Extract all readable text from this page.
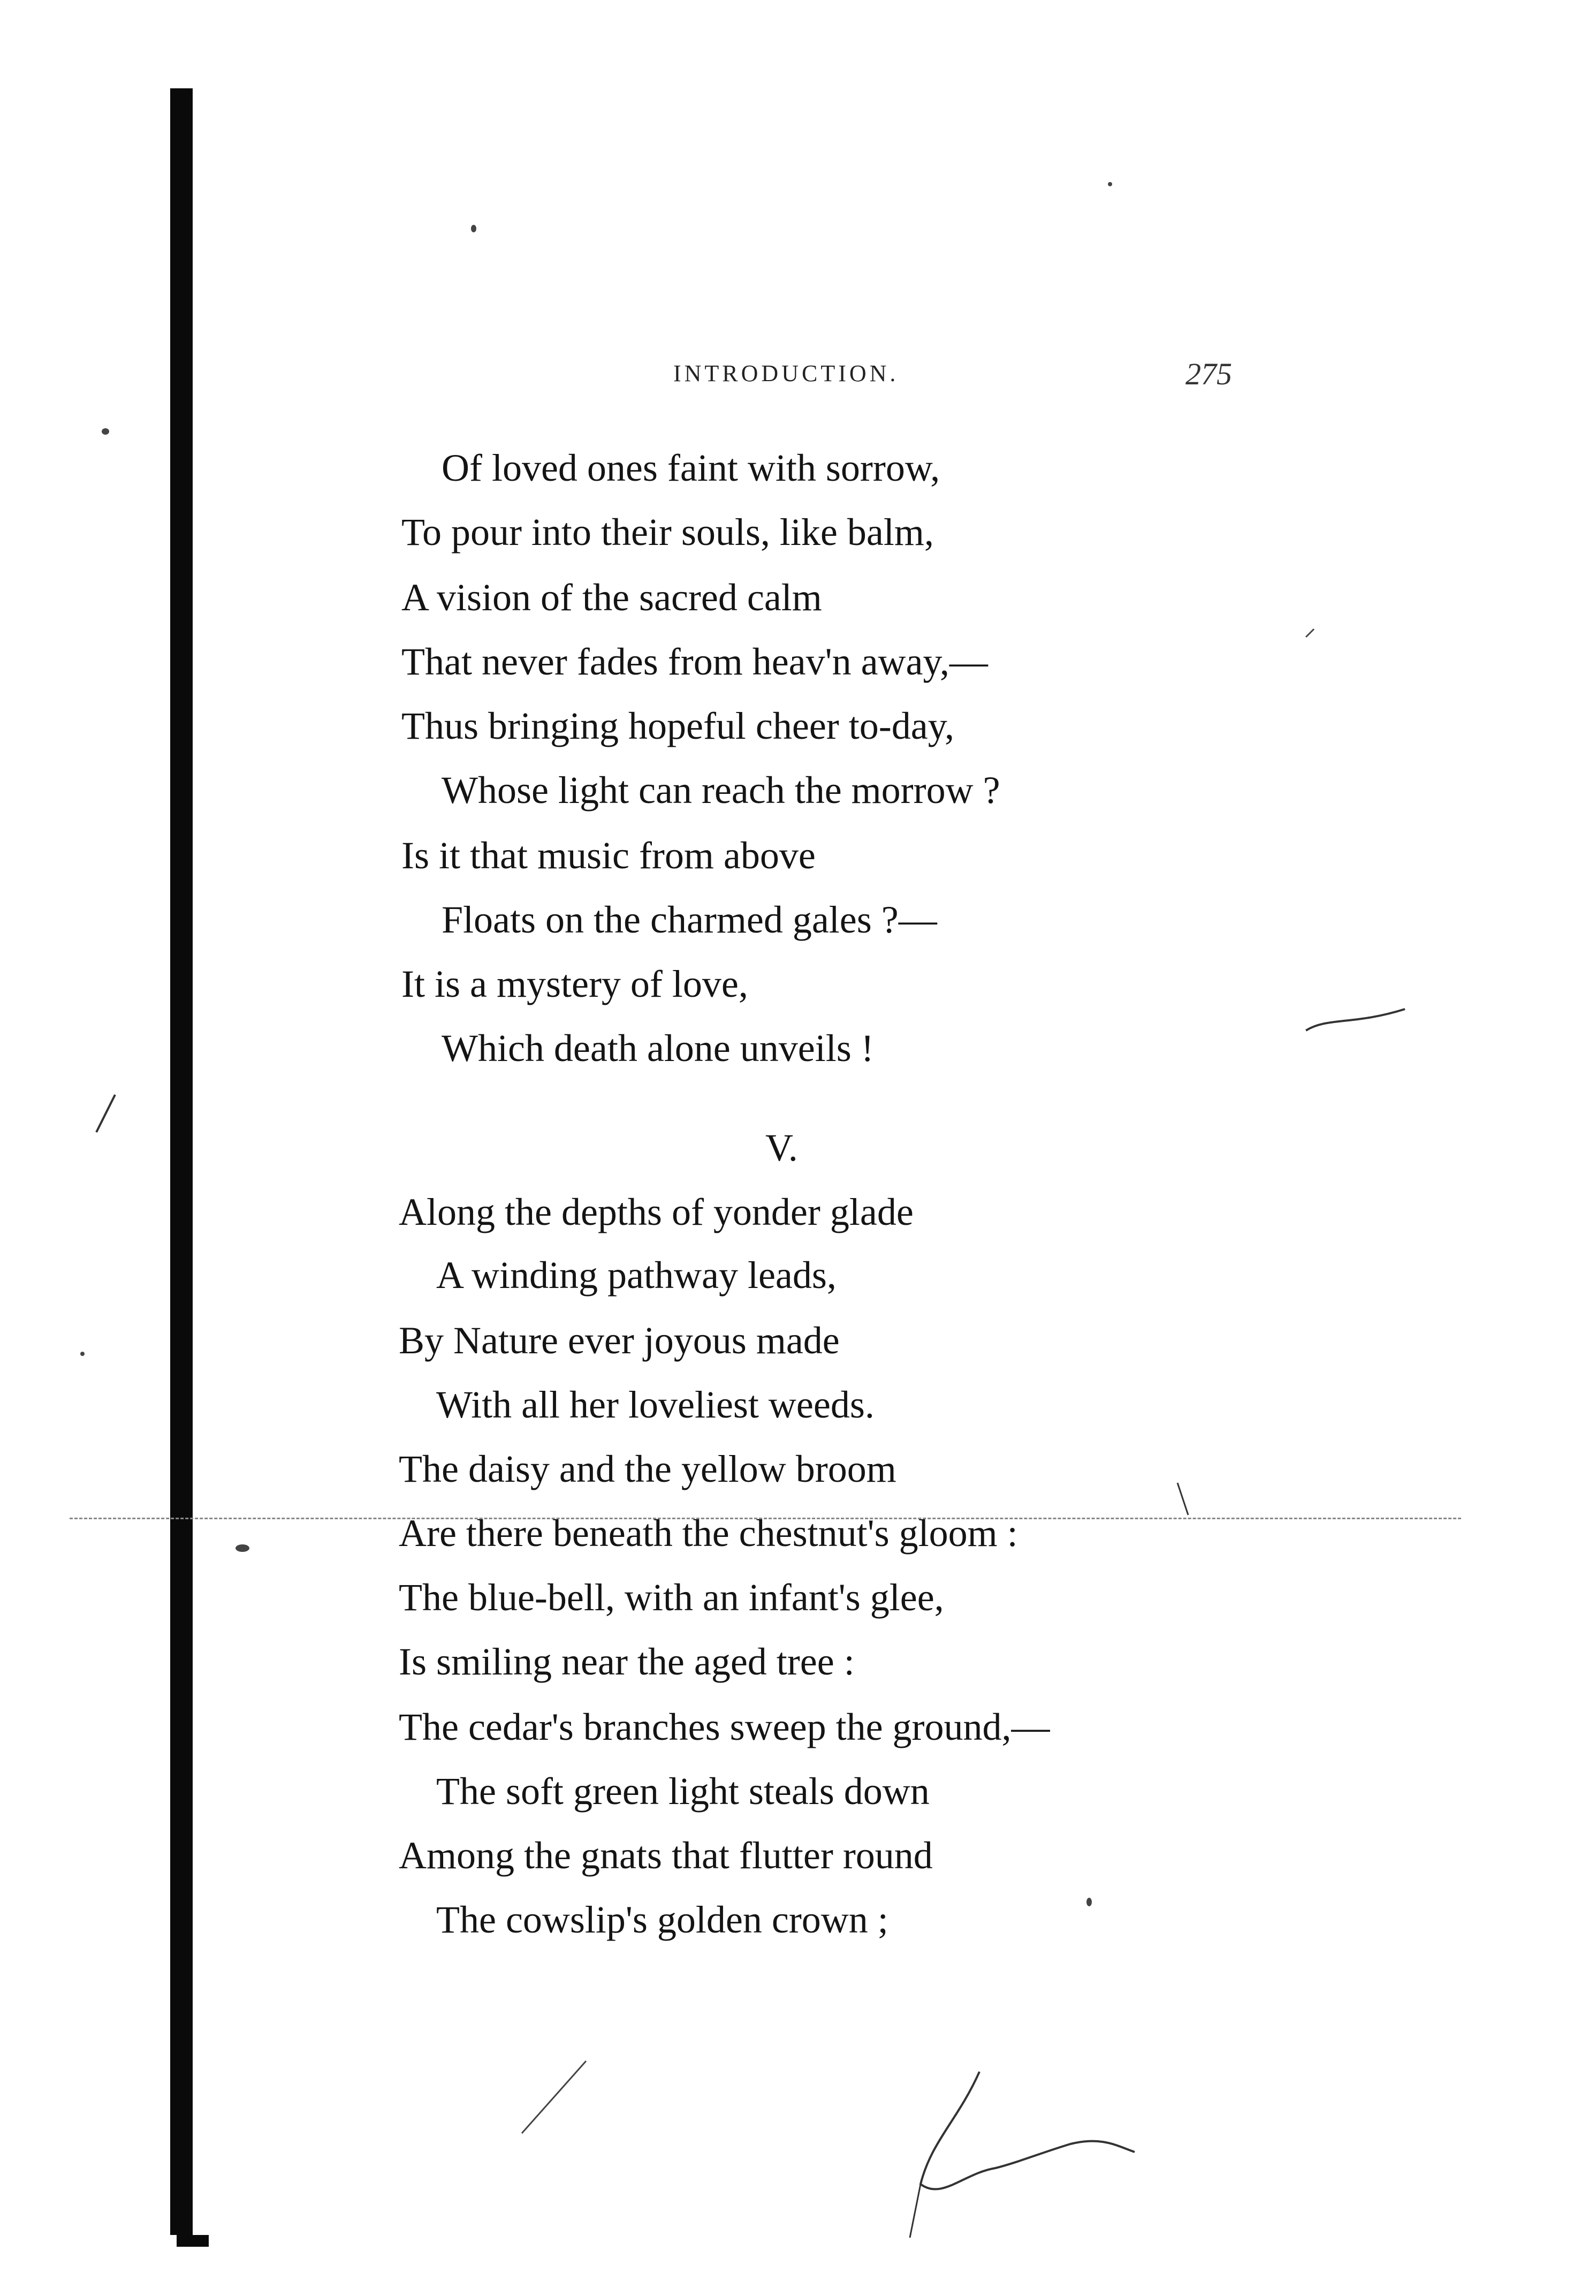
INTRODUCTION.	275
Of loved ones faint with sorrow,
To pour into their souls, like balm,
A vision of the sacred calm
That never fades from heav'n away,—
Thus bringing hopeful cheer to-day,
Whose light can reach the morrow ?
Is it that music from above
Floats on the charmed gales ?—
It is a mystery of love,
Which death alone unveils !
V.
Along the depths of yonder glade
A winding pathway leads,
By Nature ever joyous made
With all her loveliest weeds.
The daisy and the yellow broom
Are there beneath the chestnut's gloom :
The blue-bell, with an infant's glee,
Is smiling near the aged tree :
The cedar's branches sweep the ground,—
The soft green light steals down
Among the gnats that flutter round
The cowslip's golden crown ;
